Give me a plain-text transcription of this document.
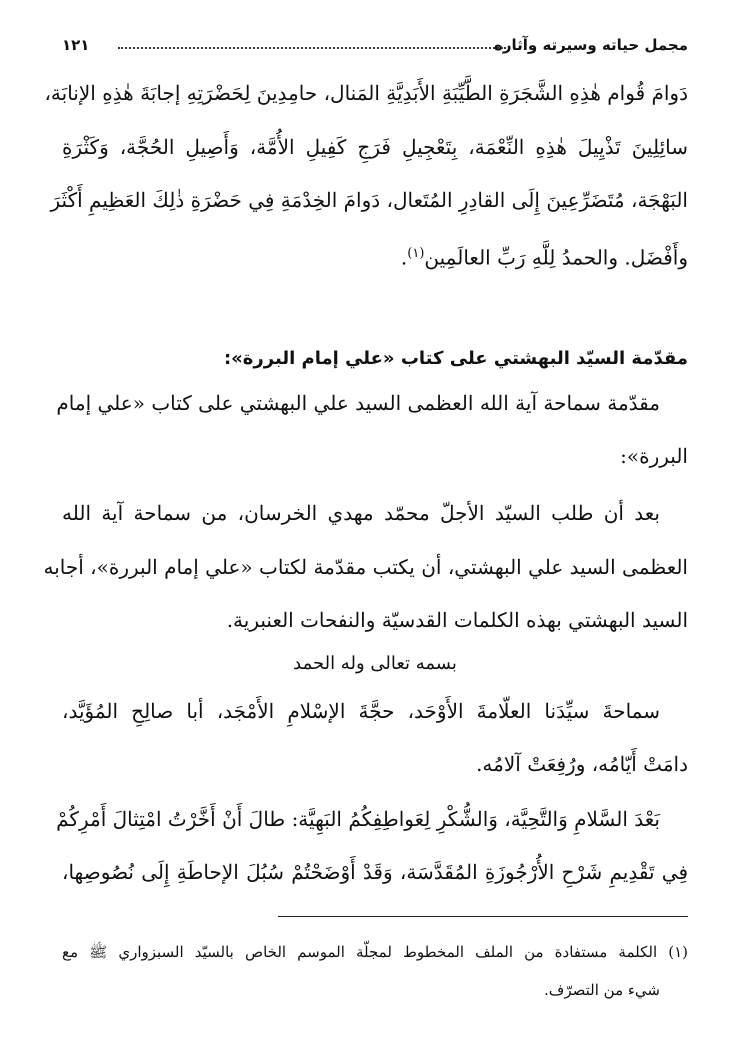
مجمل حياته وسيرته وآثاره
١٢١
دَوامَ قُوام هٰذِهِ الشَّجَرَةِ الطَّيِّبَةِ الأَبَدِيَّةِ المَنال، حامِدِينَ لِحَضْرَتِهِ إجابَةَ هٰذِهِ الإنابَة،
سائِلِينَ تَذْيِيلَ هٰذِهِ النِّعْمَة، بِتَعْجِيلِ فَرَجِ كَفِيلِ الأُمَّة، وَأَصِيلِ الحُجَّة، وَكَثْرَةِ
البَهْجَة، مُتَضَرِّعِينَ إِلَى القادِرِ المُتَعال، دَوامَ الخِدْمَةِ فِي حَضْرَةِ ذٰلِكَ العَظِيمِ أَكْثَرَ
وأَفْضَل. والحمدُ لِلَّهِ رَبِّ العالَمِين$^{(١)}$.
مقدّمة السيّد البهشتي على كتاب «علي إمام البررة»:
مقدّمة سماحة آية الله العظمى السيد علي البهشتي على كتاب «علي إمام
البررة»:
بعد أن طلب السيّد الأجلّ محمّد مهدي الخرسان، من سماحة آية الله
العظمى السيد علي البهشتي، أن يكتب مقدّمة لكتاب «علي إمام البررة»، أجابه
السيد البهشتي بهذه الكلمات القدسيّة والنفحات العنبرية.
بسمه تعالى وله الحمد
سماحةَ سيِّدَنا العلّامةَ الأَوْحَد، حجَّةَ الإسْلامِ الأَمْجَد، أبا صالِحِ المُؤَيَّد،
دامَتْ أَيّامُه، ورُفِعَتْ آلامُه.
بَعْدَ السَّلامِ وَالتَّحِيَّة، وَالشُّكْرِ لِعَواطِفِكُمُ البَهِيَّة: طالَ أَنْ أَخَّرْتُ امْتِثالَ أَمْرِكُمْ
فِي تَقْدِيمِ شَرْحِ الأُرْجُوزَةِ المُقَدَّسَة، وَقَدْ أَوْضَحْتُمْ سُبُلَ الإحاطَةِ إِلَى نُصُوصِها،
(١) الكلمة مستفادة من الملف المخطوط لمجلّة الموسم الخاص بالسيّد السبزواري ﷺ مع
شيء من التصرّف.
